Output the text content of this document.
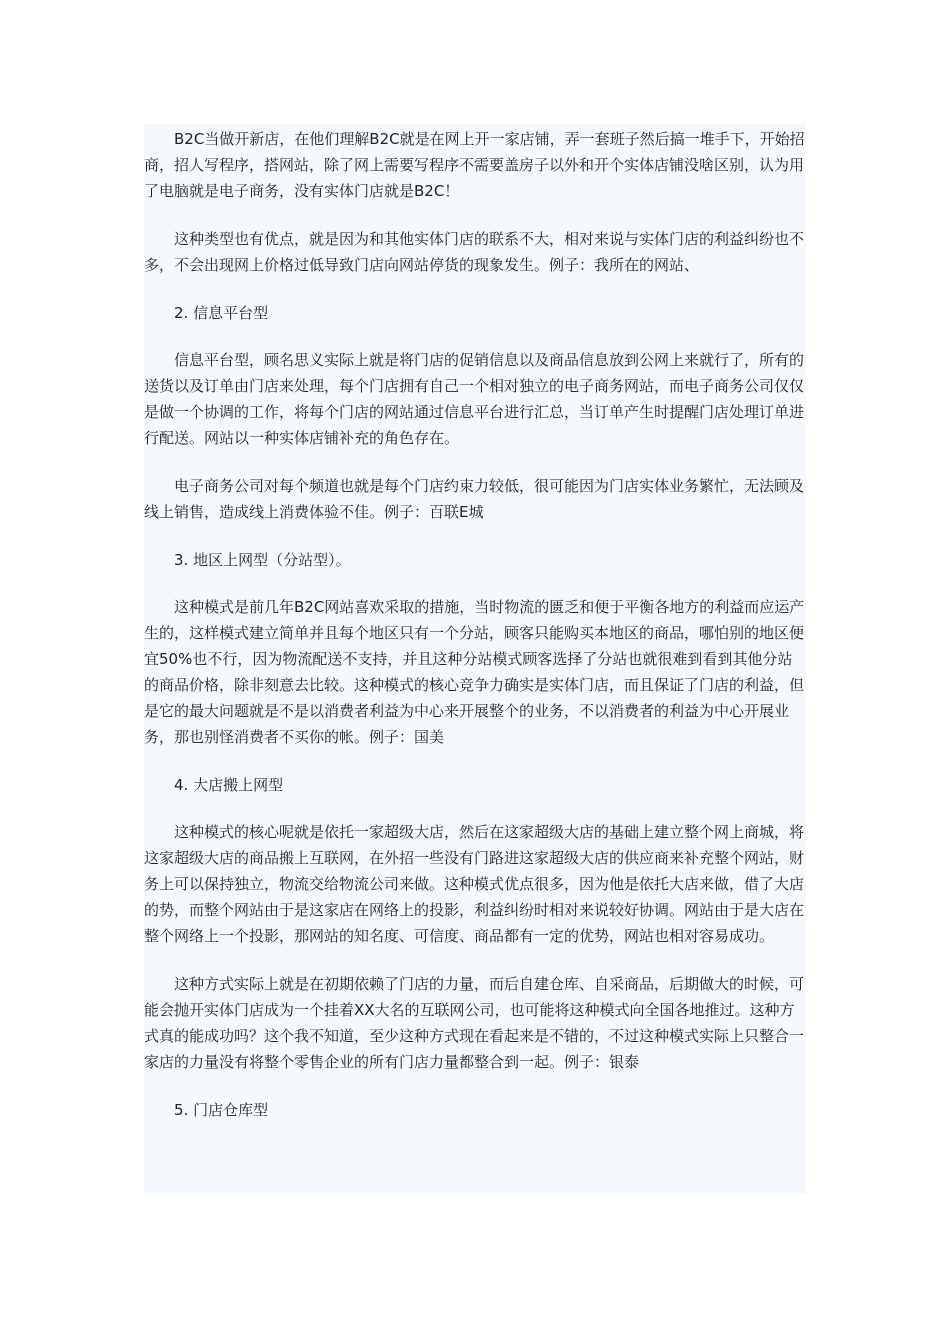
B2C当做开新店，在他们理解B2C就是在网上开一家店铺，弄一套班子然后搞一堆手下，开始招商，招人写程序，搭网站，除了网上需要写程序不需要盖房子以外和开个实体店铺没啥区别，认为用了电脑就是电子商务，没有实体门店就是B2C！

这种类型也有优点，就是因为和其他实体门店的联系不大，相对来说与实体门店的利益纠纷也不多，不会出现网上价格过低导致门店向网站停货的现象发生。例子：我所在的网站、

2. 信息平台型

信息平台型，顾名思义实际上就是将门店的促销信息以及商品信息放到公网上来就行了，所有的送货以及订单由门店来处理，每个门店拥有自己一个相对独立的电子商务网站，而电子商务公司仅仅是做一个协调的工作，将每个门店的网站通过信息平台进行汇总，当订单产生时提醒门店处理订单进行配送。网站以一种实体店铺补充的角色存在。

电子商务公司对每个频道也就是每个门店约束力较低，很可能因为门店实体业务繁忙，无法顾及线上销售，造成线上消费体验不佳。例子：百联E城

3. 地区上网型（分站型）。

这种模式是前几年B2C网站喜欢采取的措施，当时物流的匮乏和便于平衡各地方的利益而应运产生的，这样模式建立简单并且每个地区只有一个分站，顾客只能购买本地区的商品，哪怕别的地区便宜50%也不行，因为物流配送不支持，并且这种分站模式顾客选择了分站也就很难到看到其他分站的商品价格，除非刻意去比较。这种模式的核心竞争力确实是实体门店，而且保证了门店的利益，但是它的最大问题就是不是以消费者利益为中心来开展整个的业务，不以消费者的利益为中心开展业务，那也别怪消费者不买你的帐。例子：国美

4. 大店搬上网型

这种模式的核心呢就是依托一家超级大店，然后在这家超级大店的基础上建立整个网上商城，将这家超级大店的商品搬上互联网，在外招一些没有门路进这家超级大店的供应商来补充整个网站，财务上可以保持独立，物流交给物流公司来做。这种模式优点很多，因为他是依托大店来做，借了大店的势，而整个网站由于是这家店在网络上的投影，利益纠纷时相对来说较好协调。网站由于是大店在整个网络上一个投影，那网站的知名度、可信度、商品都有一定的优势，网站也相对容易成功。

这种方式实际上就是在初期依赖了门店的力量，而后自建仓库、自采商品，后期做大的时候，可能会抛开实体门店成为一个挂着XX大名的互联网公司，也可能将这种模式向全国各地推过。这种方式真的能成功吗？这个我不知道，至少这种方式现在看起来是不错的，不过这种模式实际上只整合一家店的力量没有将整个零售企业的所有门店力量都整合到一起。例子：银泰

5. 门店仓库型
